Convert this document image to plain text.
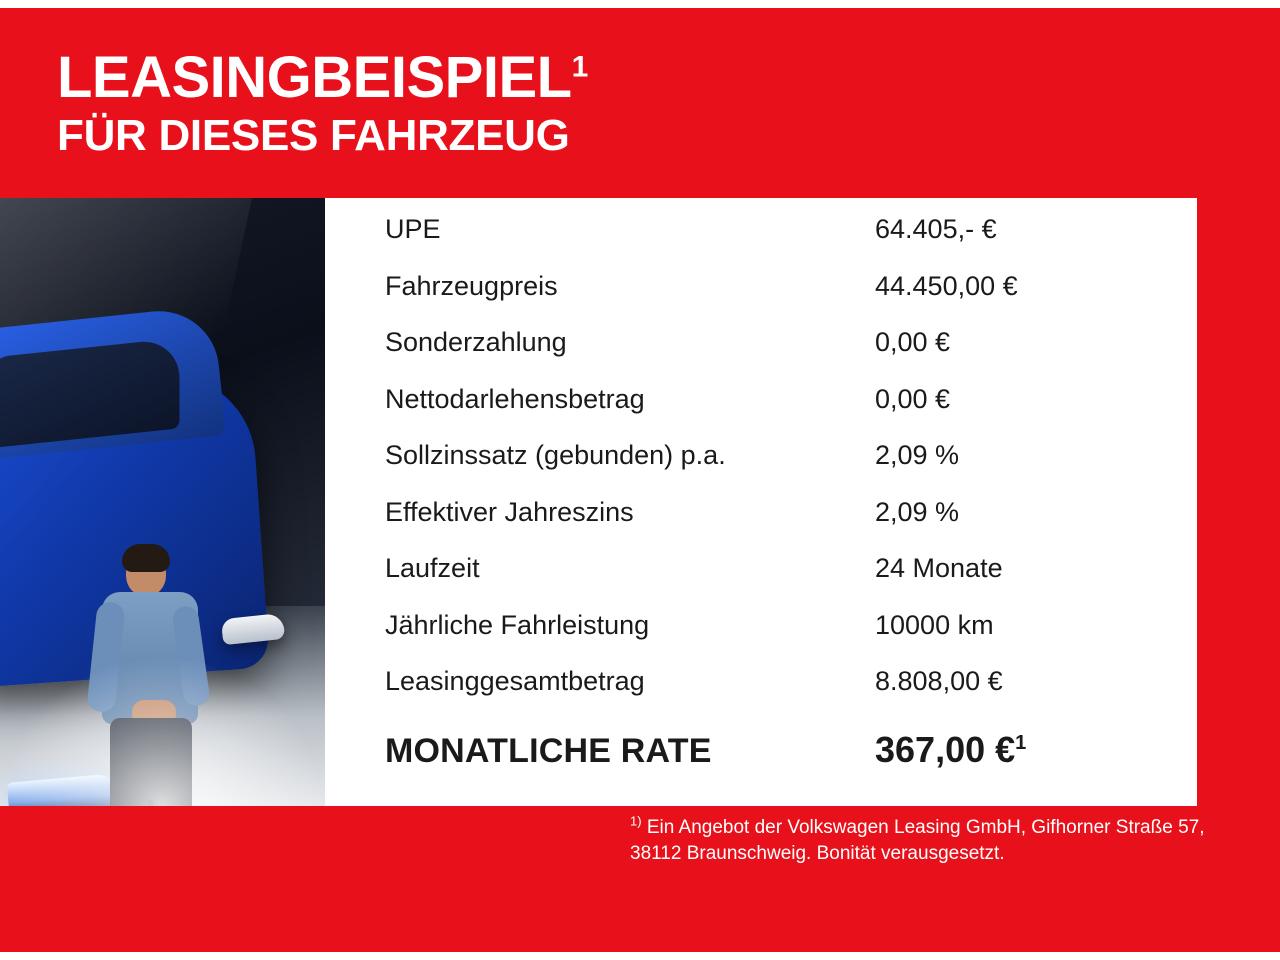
LEASINGBEISPIEL$^1$
FÜR DIESES FAHRZEUG
UPE	64.405,- €
Fahrzeugpreis	44.450,00 €
Sonderzahlung	0,00 €
Nettodarlehensbetrag	0,00 €
Sollzinssatz (gebunden) p.a.	2,09 %
Effektiver Jahreszins	2,09 %
Laufzeit	24 Monate
Jährliche Fahrleistung	10000 km
Leasinggesamtbetrag	8.808,00 €
MONATLICHE RATE	367,00 €$^1$
$^{1)}$ Ein Angebot der Volkswagen Leasing GmbH, Gifhorner Straße 57, 38112 Braunschweig. Bonität verausgesetzt.
